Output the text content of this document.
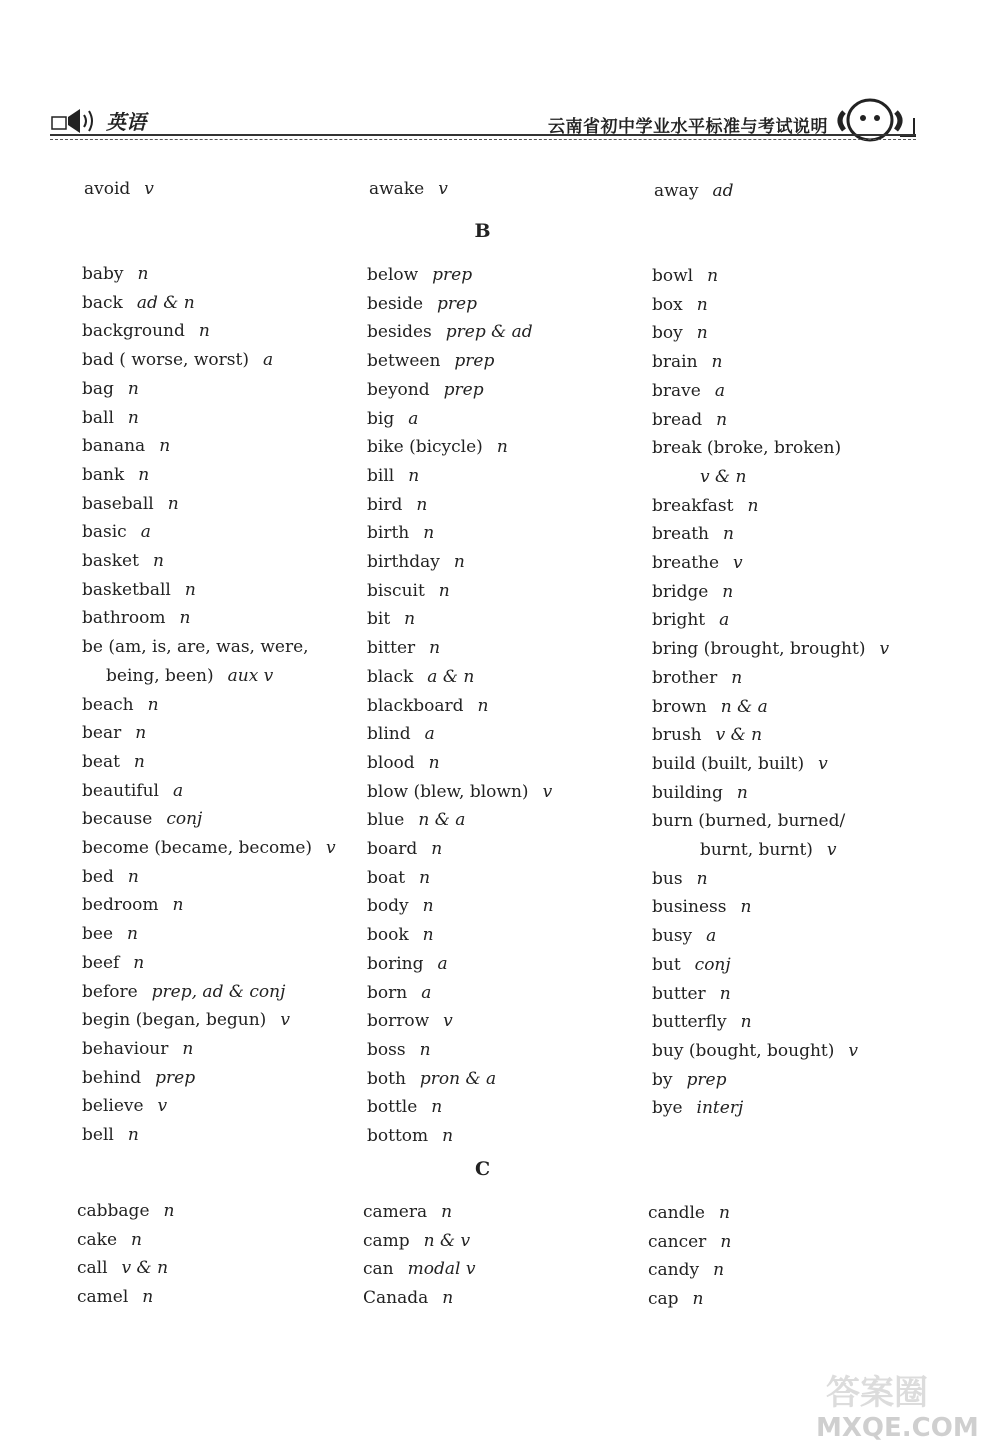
英语	云南省初中学业水平标准与考试说明
avoid v	awake v	away ad
B
baby n
back ad & n
background n
bad ( worse, worst) a
bag n
ball n
banana n
bank n
baseball n
basic a
basket n
basketball n
bathroom n
be (am, is, are, was, were,
being, been) aux v
beach n
bear n
beat n
beautiful a
because conj
become (became, become) v
bed n
bedroom n
bee n
beef n
before prep, ad & conj
begin (began, begun) v
behaviour n
behind prep
believe v
bell n
below prep
beside prep
besides prep & ad
between prep
beyond prep
big a
bike (bicycle) n
bill n
bird n
birth n
birthday n
biscuit n
bit n
bitter n
black a & n
blackboard n
blind a
blood n
blow (blew, blown) v
blue n & a
board n
boat n
body n
book n
boring a
born a
borrow v
boss n
both pron & a
bottle n
bottom n
bowl n
box n
boy n
brain n
brave a
bread n
break (broke, broken)
v & n
breakfast n
breath n
breathe v
bridge n
bright a
bring (brought, brought) v
brother n
brown n & a
brush v & n
build (built, built) v
building n
burn (burned, burned/
burnt, burnt) v
bus n
business n
busy a
but conj
butter n
butterfly n
buy (bought, bought) v
by prep
bye interj
C
cabbage n
cake n
call v & n
camel n
camera n
camp n & v
can modal v
Canada n
candle n
cancer n
candy n
cap n
答案圈
MXQE.COM
